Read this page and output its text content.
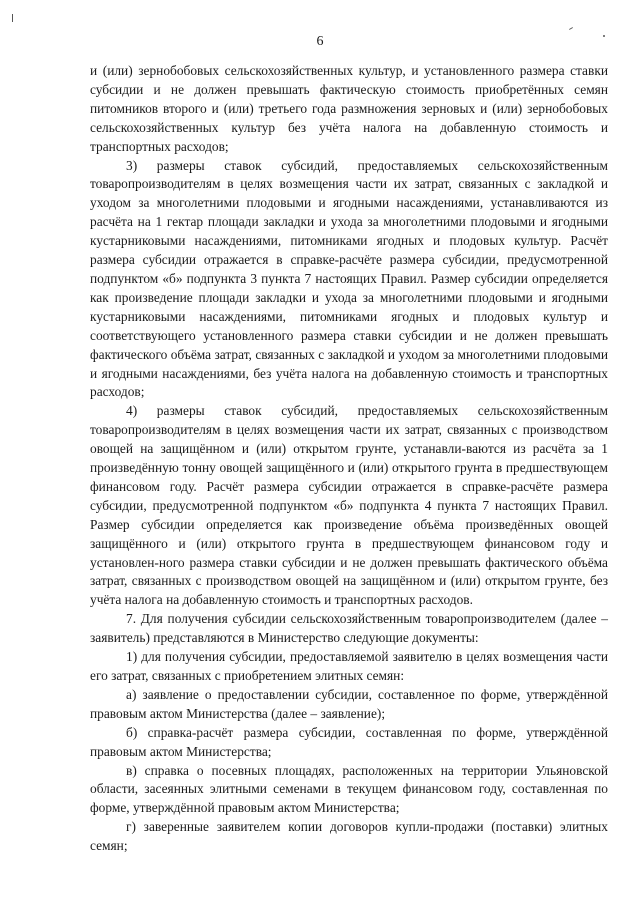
6

и (или) зернобобовых сельскохозяйственных культур, и установленного размера ставки субсидии и не должен превышать фактическую стоимость приобретённых семян питомников второго и (или) третьего года размножения зерновых и (или) зернобобовых сельскохозяйственных культур без учёта налога на добавленную стоимость и транспортных расходов;

3) размеры ставок субсидий, предоставляемых сельскохозяйственным товаропроизводителям в целях возмещения части их затрат, связанных с закладкой и уходом за многолетними плодовыми и ягодными насаждениями, устанавливаются из расчёта на 1 гектар площади закладки и ухода за многолетними плодовыми и ягодными кустарниковыми насаждениями, питомниками ягодных и плодовых культур. Расчёт размера субсидии отражается в справке-расчёте размера субсидии, предусмотренной подпунктом «б» подпункта 3 пункта 7 настоящих Правил. Размер субсидии определяется как произведение площади закладки и ухода за многолетними плодовыми и ягодными кустарниковыми насаждениями, питомниками ягодных и плодовых культур и соответствующего установленного размера ставки субсидии и не должен превышать фактического объёма затрат, связанных с закладкой и уходом за многолетними плодовыми и ягодными насаждениями, без учёта налога на добавленную стоимость и транспортных расходов;

4) размеры ставок субсидий, предоставляемых сельскохозяйственным товаропроизводителям в целях возмещения части их затрат, связанных с производством овощей на защищённом и (или) открытом грунте, устанавли-ваются из расчёта за 1 произведённую тонну овощей защищённого и (или) открытого грунта в предшествующем финансовом году. Расчёт размера субсидии отражается в справке-расчёте размера субсидии, предусмотренной подпунктом «б» подпункта 4 пункта 7 настоящих Правил. Размер субсидии определяется как произведение объёма произведённых овощей защищённого и (или) открытого грунта в предшествующем финансовом году и установлен-ного размера ставки субсидии и не должен превышать фактического объёма затрат, связанных с производством овощей на защищённом и (или) открытом грунте, без учёта налога на добавленную стоимость и транспортных расходов.

7. Для получения субсидии сельскохозяйственным товаропроизводителем (далее – заявитель) представляются в Министерство следующие документы:

1) для получения субсидии, предоставляемой заявителю в целях возмещения части его затрат, связанных с приобретением элитных семян:

а) заявление о предоставлении субсидии, составленное по форме, утверждённой правовым актом Министерства (далее – заявление);

б) справка-расчёт размера субсидии, составленная по форме, утверждённой правовым актом Министерства;

в) справка о посевных площадях, расположенных на территории Ульяновской области, засеянных элитными семенами в текущем финансовом году, составленная по форме, утверждённой правовым актом Министерства;

г) заверенные заявителем копии договоров купли-продажи (поставки) элитных семян;
